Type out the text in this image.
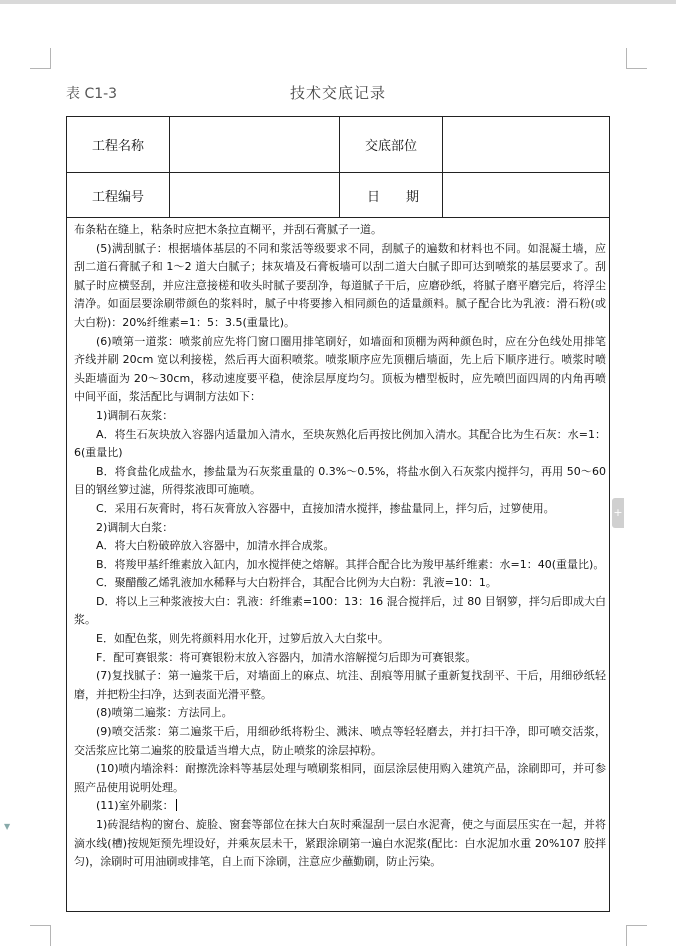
表 C1-3	技术交底记录
工程名称	交底部位
工程编号	日　　期

布条粘在缝上，粘条时应把木条拉直糊平，并刮石膏腻子一道。

(5)满刮腻子：根据墙体基层的不同和浆活等级要求不同，刮腻子的遍数和材料也不同。如混凝土墙，应刮二道石膏腻子和 1～2 道大白腻子；抹灰墙及石膏板墙可以刮二道大白腻子即可达到喷浆的基层要求了。刮腻子时应横竖刮，并应注意接槎和收头时腻子要刮净，每道腻子干后，应磨砂纸，将腻子磨平磨完后，将浮尘清净。如面层要涂刷带颜色的浆料时，腻子中将要掺入相同颜色的适量颜料。腻子配合比为乳液：滑石粉(或大白粉)：20%纤维素=1：5：3.5(重量比)。

(6)喷第一道浆：喷浆前应先将门窗口圈用排笔刷好，如墙面和顶棚为两种颜色时，应在分色线处用排笔齐线并刷 20cm 宽以利接槎，然后再大面积喷浆。喷浆顺序应先顶棚后墙面，先上后下顺序进行。喷浆时喷头距墙面为 20～30cm，移动速度要平稳，使涂层厚度均匀。顶板为槽型板时，应先喷凹面四周的内角再喷中间平面，浆活配比与调制方法如下：

1)调制石灰浆：

A．将生石灰块放入容器内适量加入清水，至块灰熟化后再按比例加入清水。其配合比为生石灰：水=1：6(重量比)

B．将食盐化成盐水，掺盐量为石灰浆重量的 0.3%～0.5%，将盐水倒入石灰浆内搅拌匀，再用 50～60 目的钢丝箩过滤，所得浆液即可施喷。

C．采用石灰膏时，将石灰膏放入容器中，直接加清水搅拌，掺盐量同上，拌匀后，过箩使用。

2)调制大白浆：

A．将大白粉破碎放入容器中，加清水拌合成浆。

B．将羧甲基纤维素放入缸内，加水搅拌使之熔解。其拌合配合比为羧甲基纤维素：水=1：40(重量比)。

C．聚醋酸乙烯乳液加水稀释与大白粉拌合，其配合比例为大白粉：乳液=10：1。

D．将以上三种浆液按大白：乳液：纤维素=100：13：16 混合搅拌后，过 80 目钢箩，拌匀后即成大白浆。

E．如配色浆，则先将颜料用水化开，过箩后放入大白浆中。

F．配可赛银浆：将可赛银粉末放入容器内，加清水溶解搅匀后即为可赛银浆。

(7)复找腻子：第一遍浆干后，对墙面上的麻点、坑洼、刮痕等用腻子重新复找刮平、干后，用细砂纸轻磨，并把粉尘扫净，达到表面光滑平整。

(8)喷第二遍浆：方法同上。

(9)喷交活浆：第二遍浆干后，用细砂纸将粉尘、溅沫、喷点等轻轻磨去，并打扫干净，即可喷交活浆，交活浆应比第二遍浆的胶量适当增大点，防止喷浆的涂层掉粉。

(10)喷内墙涂料：耐擦洗涂料等基层处理与喷刷浆相同，面层涂层使用购入建筑产品，涂刷即可，并可参照产品使用说明处理。

(11)室外刷浆：

1)砖混结构的窗台、旋脸、窗套等部位在抹大白灰时乘湿刮一层白水泥膏，使之与面层压实在一起，并将滴水线(槽)按规矩预先埋设好，并乘灰层未干，紧跟涂刷第一遍白水泥浆(配比：白水泥加水重 20%107 胶拌匀)，涂刷时可用油刷或排笔，自上而下涂刷，注意应少蘸勤刷，防止污染。

+
▼
